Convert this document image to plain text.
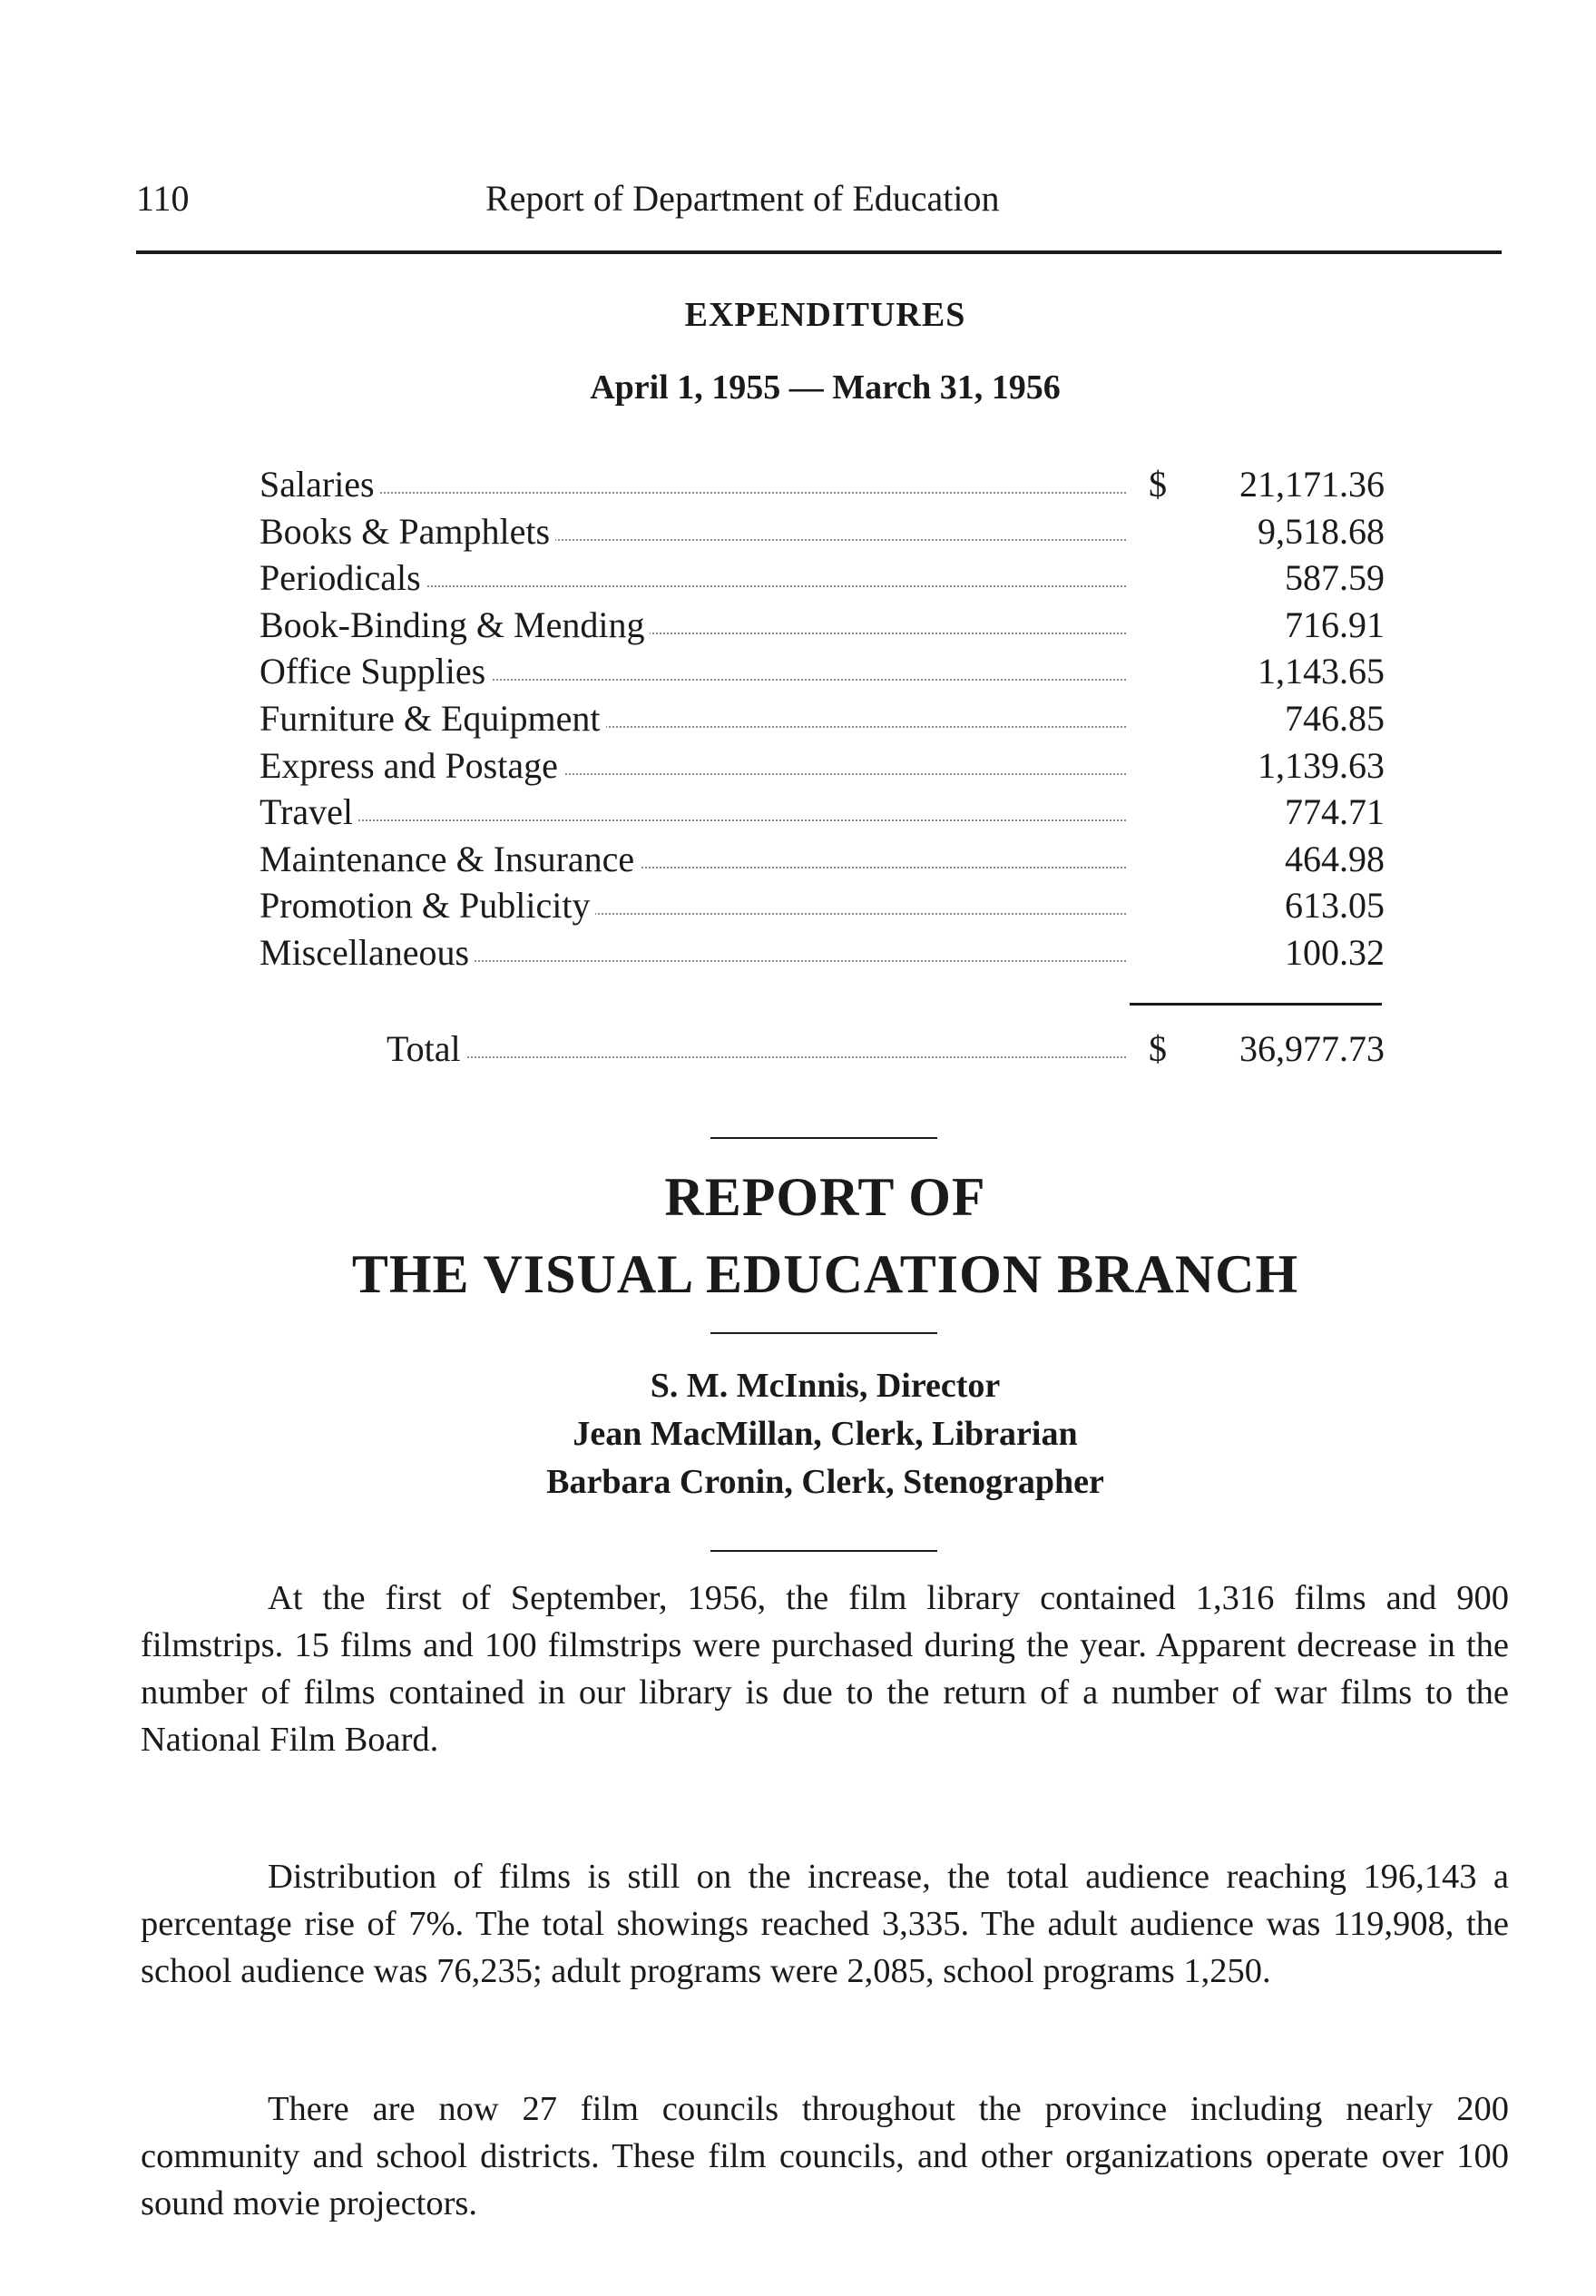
110	Report of Department of Education
EXPENDITURES
April 1, 1955 — March 31, 1956
Salaries	$ 21,171.36
Books & Pamphlets	9,518.68
Periodicals	587.59
Book-Binding & Mending	716.91
Office Supplies	1,143.65
Furniture & Equipment	746.85
Express and Postage	1,139.63
Travel	774.71
Maintenance & Insurance	464.98
Promotion & Publicity	613.05
Miscellaneous	100.32
Total	$ 36,977.73
REPORT OF
THE VISUAL EDUCATION BRANCH
S. M. McInnis, Director
Jean MacMillan, Clerk, Librarian
Barbara Cronin, Clerk, Stenographer
At the first of September, 1956, the film library contained 1,316 films and 900 filmstrips. 15 films and 100 filmstrips were purchased during the year. Apparent decrease in the number of films contained in our library is due to the return of a number of war films to the National Film Board.
Distribution of films is still on the increase, the total audience reaching 196,143 a percentage rise of 7%. The total showings reached 3,335. The adult audience was 119,908, the school audience was 76,235; adult programs were 2,085, school programs 1,250.
There are now 27 film councils throughout the province including nearly 200 community and school districts. These film councils, and other organizations operate over 100 sound movie projectors.
